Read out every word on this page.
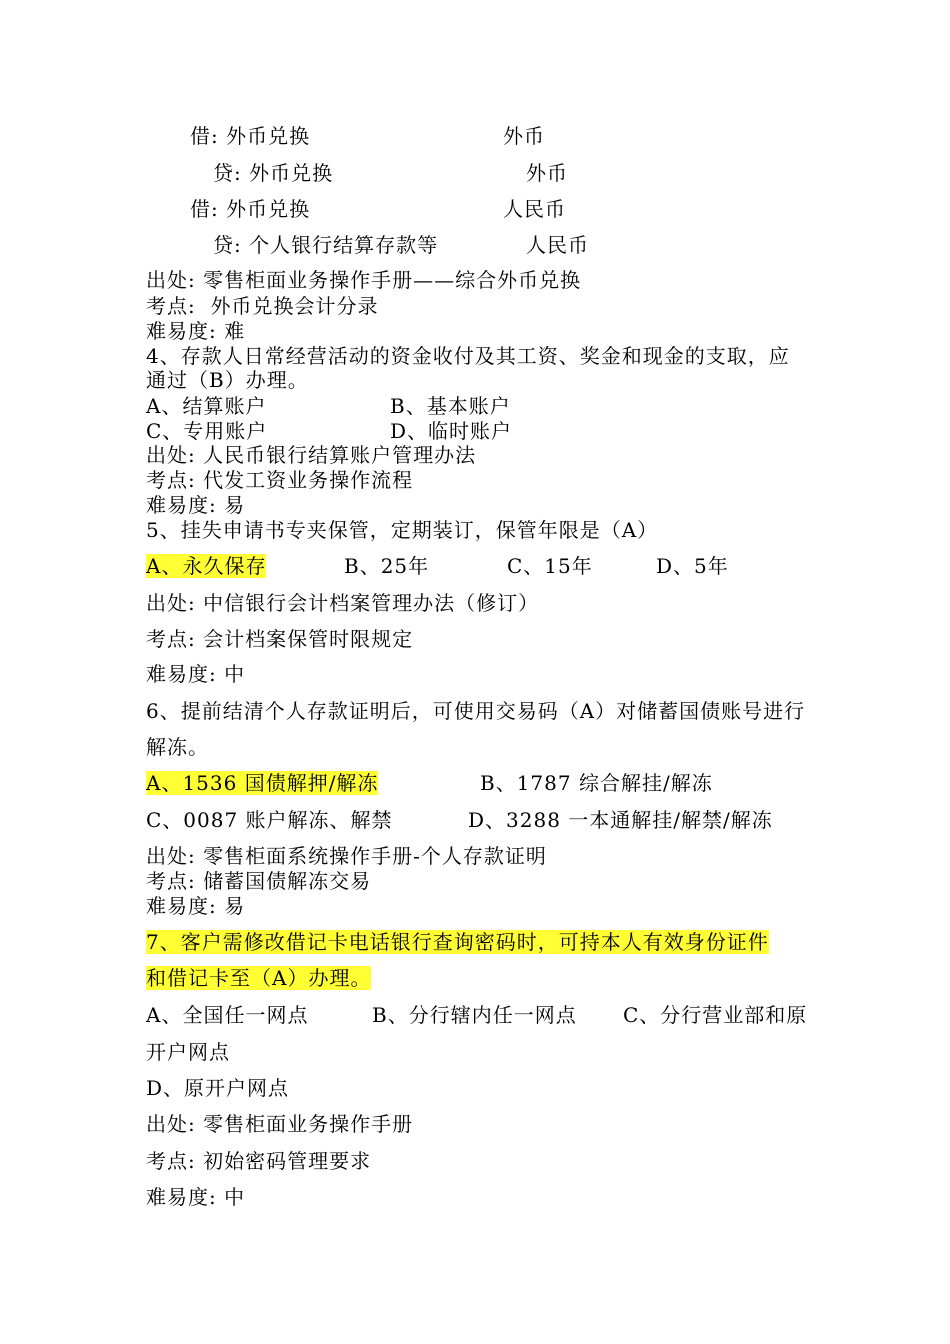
借: 外币兑换	外币
贷: 外币兑换	外币
借: 外币兑换	人民币
贷: 个人银行结算存款等	人民币
出处: 零售柜面业务操作手册——综合外币兑换
考点:  外币兑换会计分录
难易度: 难
4、存款人日常经营活动的资金收付及其工资、奖金和现金的支取，应
通过（B）办理。
A、结算账户	B、基本账户
C、专用账户	D、临时账户
出处: 人民币银行结算账户管理办法
考点: 代发工资业务操作流程
难易度: 易
5、挂失申请书专夹保管，定期装订，保管年限是（A）
A、永久保存	B、25年	C、15年	D、5年
出处: 中信银行会计档案管理办法（修订）
考点: 会计档案保管时限规定
难易度: 中
6、提前结清个人存款证明后，可使用交易码（A）对储蓄国债账号进行
解冻。
A、1536 国债解押/解冻	B、1787 综合解挂/解冻
C、0087 账户解冻、解禁	D、3288 一本通解挂/解禁/解冻
出处: 零售柜面系统操作手册-个人存款证明
考点: 储蓄国债解冻交易
难易度: 易
7、客户需修改借记卡电话银行查询密码时，可持本人有效身份证件
和借记卡至（A）办理。
A、全国任一网点	B、分行辖内任一网点 C、分行营业部和原
开户网点
D、原开户网点
出处: 零售柜面业务操作手册
考点: 初始密码管理要求
难易度: 中
